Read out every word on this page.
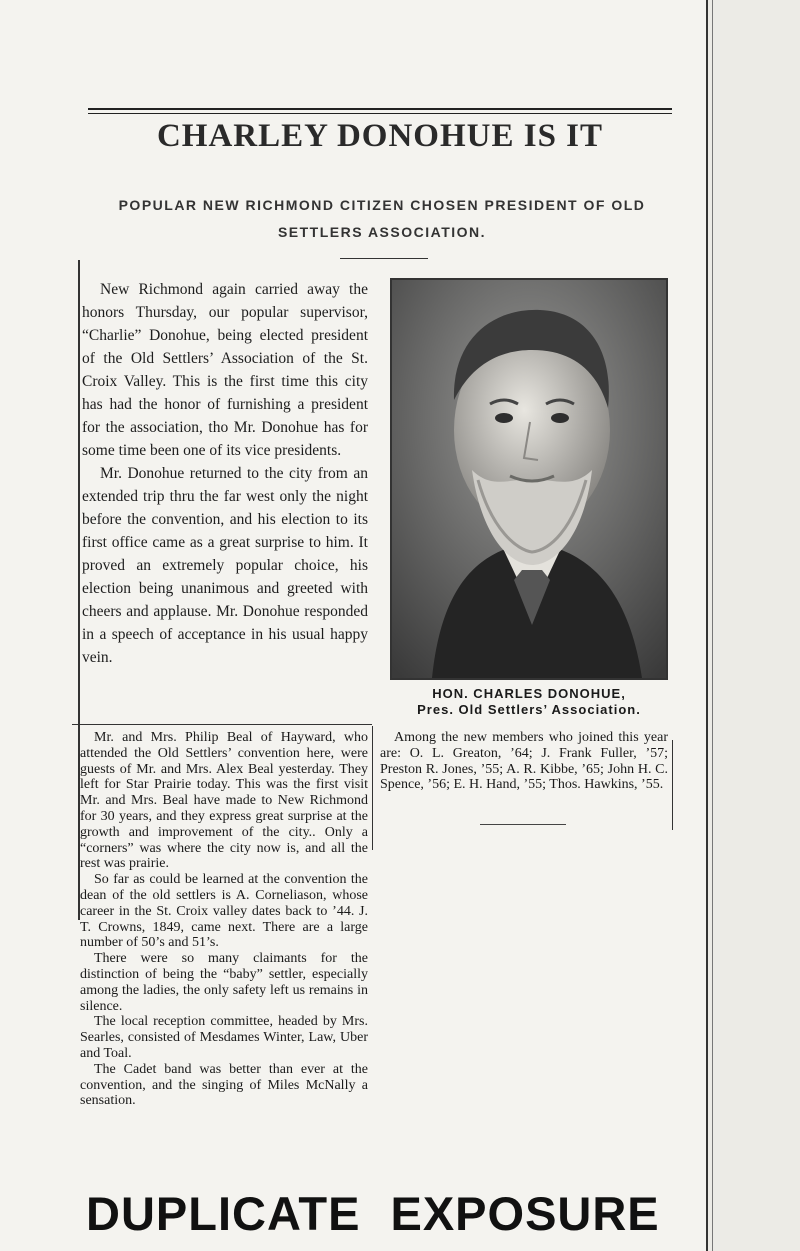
CHARLEY DONOHUE IS IT
POPULAR NEW RICHMOND CITIZEN CHOSEN PRESIDENT OF OLD
SETTLERS ASSOCIATION.

New Richmond again carried away the honors Thursday, our popular supervisor, “Charlie” Donohue, being elected president of the Old Settlers’ Association of the St. Croix Valley. This is the first time this city has had the honor of furnishing a president for the association, tho Mr. Donohue has for some time been one of its vice presidents.

Mr. Donohue returned to the city from an extended trip thru the far west only the night before the convention, and his election to its first office came as a great surprise to him. It proved an extremely popular choice, his election being unanimous and greeted with cheers and applause. Mr. Donohue responded in a speech of acceptance in his usual happy vein.

HON. CHARLES DONOHUE,
Pres. Old Settlers’ Association.

Mr. and Mrs. Philip Beal of Hayward, who attended the Old Settlers’ convention here, were guests of Mr. and Mrs. Alex Beal yesterday. They left for Star Prairie today. This was the first visit Mr. and Mrs. Beal have made to New Richmond for 30 years, and they express great surprise at the growth and improvement of the city.. Only a “corners” was where the city now is, and all the rest was prairie.

So far as could be learned at the convention the dean of the old settlers is A. Corneliason, whose career in the St. Croix valley dates back to ’44. J. T. Crowns, 1849, came next. There are a large number of 50’s and 51’s.

There were so many claimants for the distinction of being the “baby” settler, especially among the ladies, the only safety left us remains in silence.

The local reception committee, headed by Mrs. Searles, consisted of Mesdames Winter, Law, Uber and Toal.

The Cadet band was better than ever at the convention, and the singing of Miles McNally a sensation.

Among the new members who joined this year are: O. L. Greaton, ’64; J. Frank Fuller, ’57; Preston R. Jones, ’55; A. R. Kibbe, ’65; John H. C. Spence, ’56; E. H. Hand, ’55; Thos. Hawkins, ’55.

DUPLICATE EXPOSURE
